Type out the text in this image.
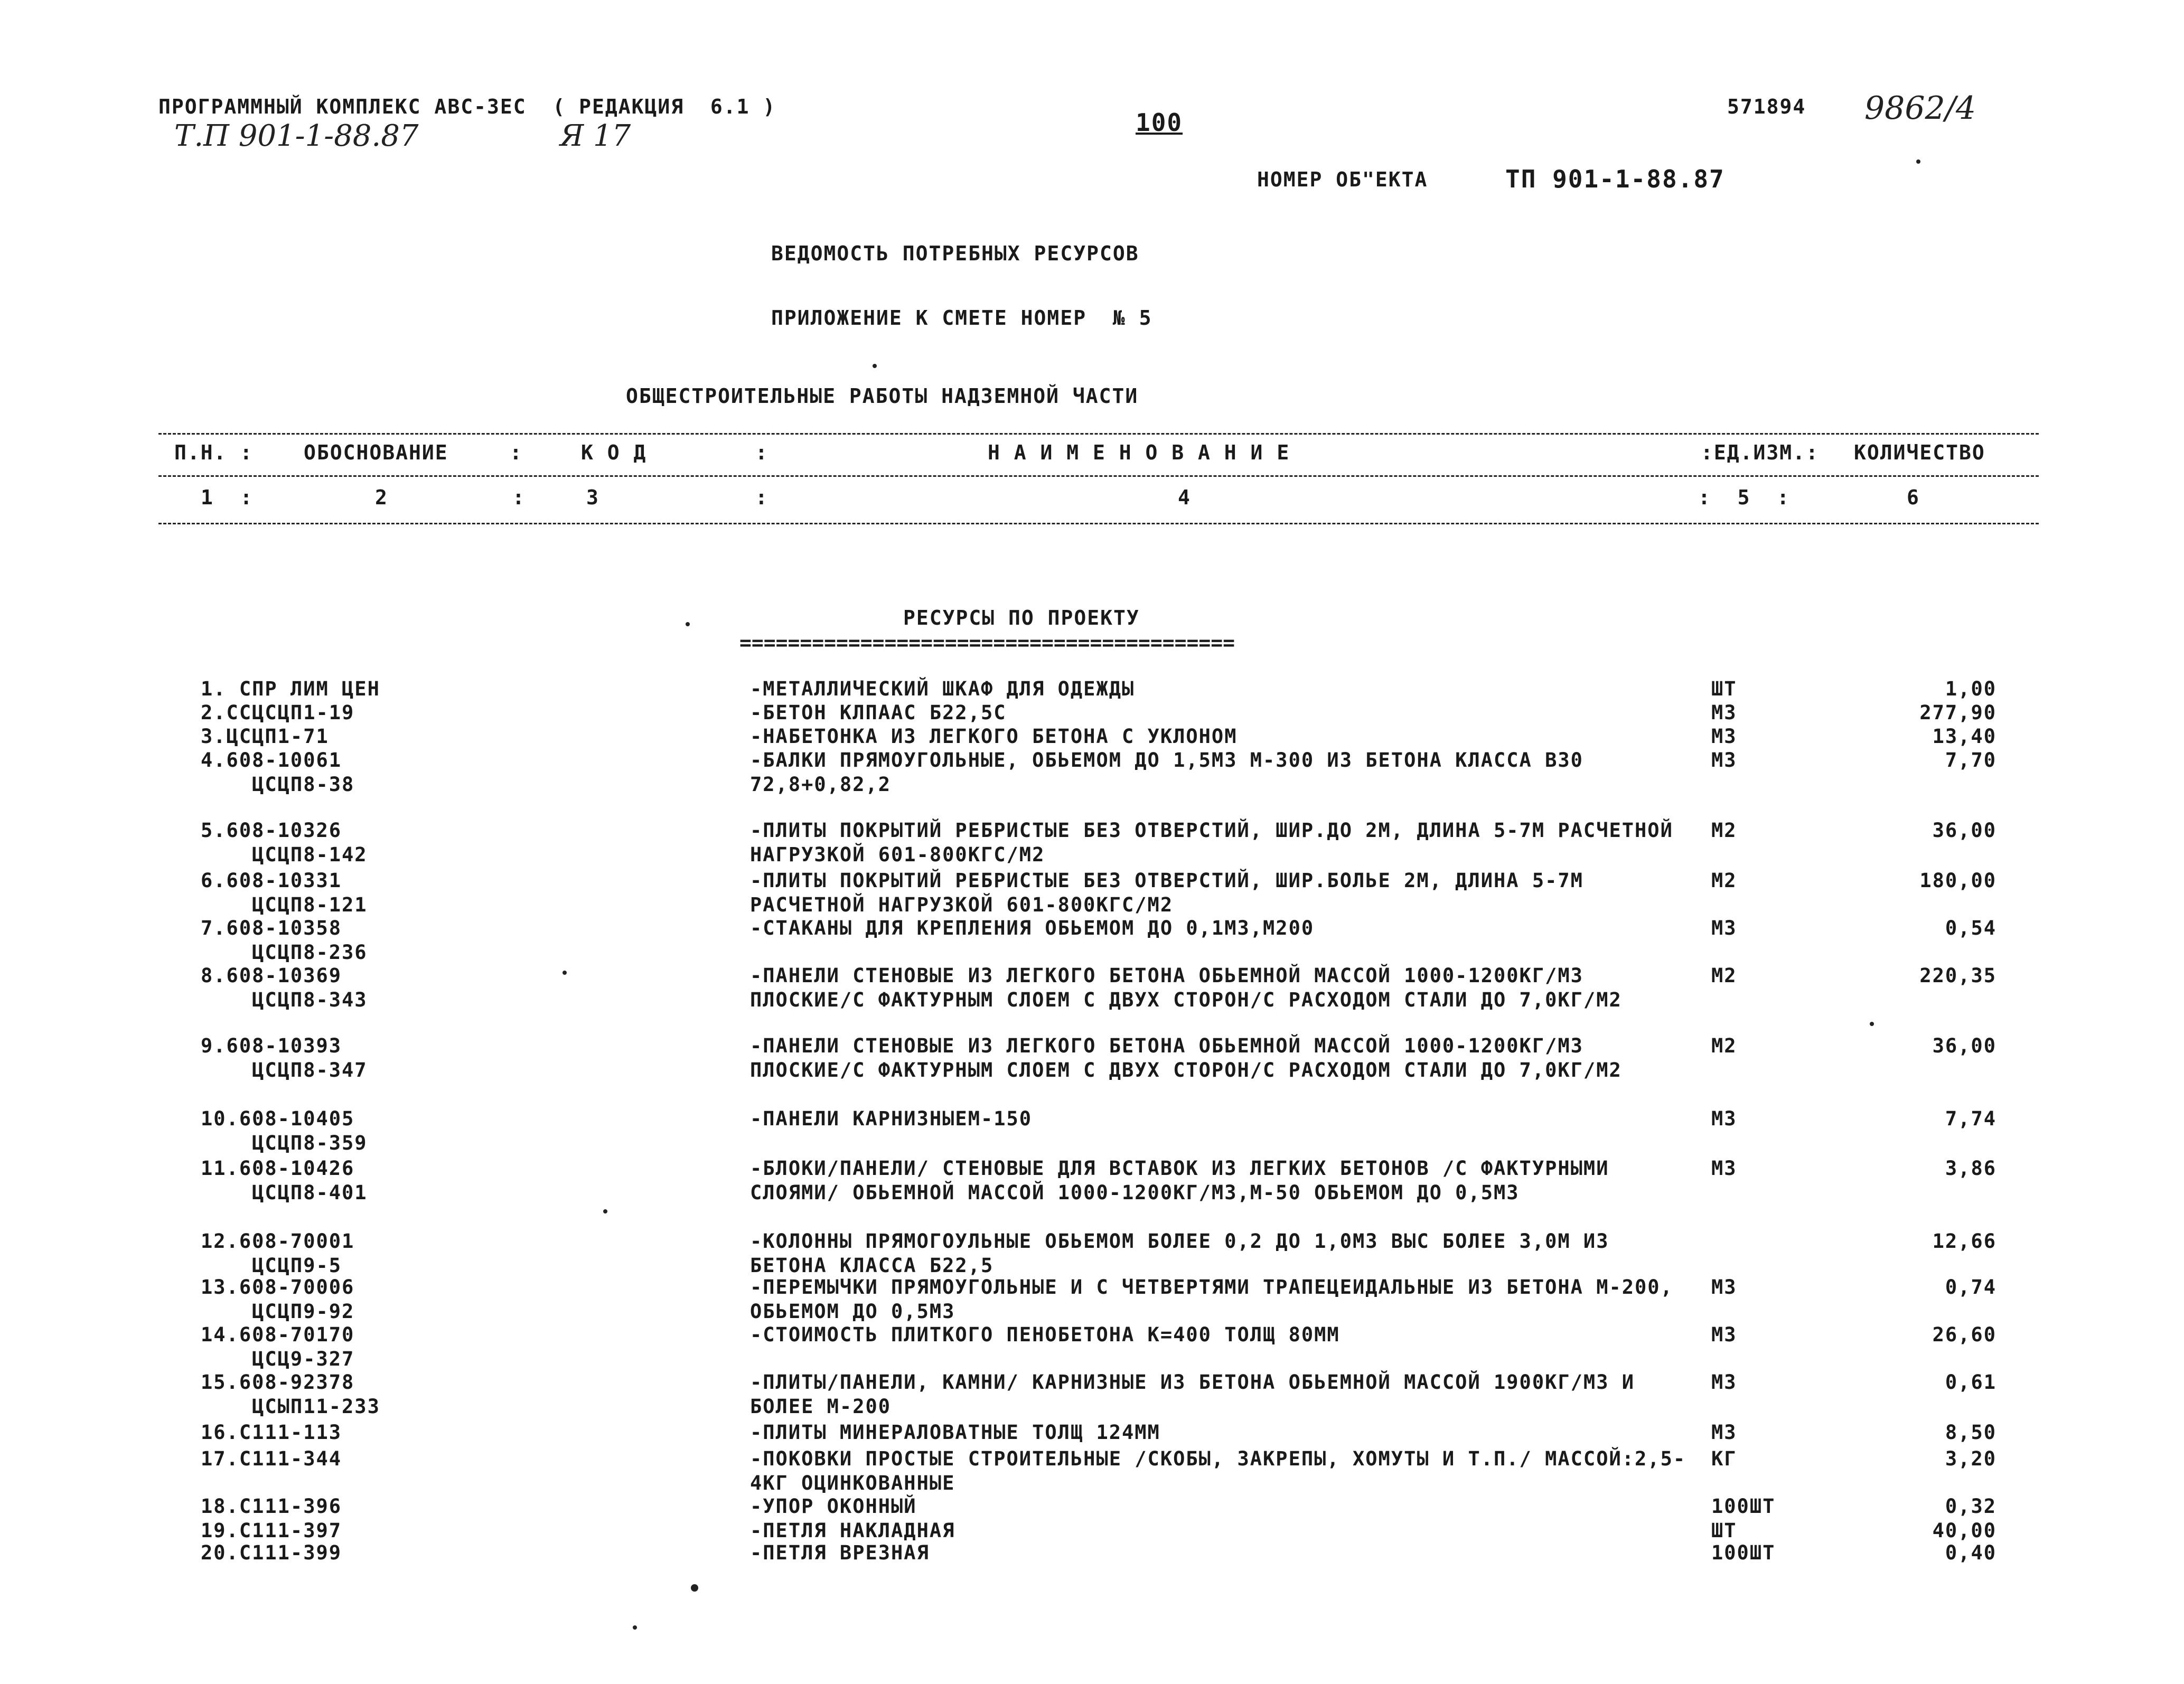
ПРОГРАММНЫЙ КОМПЛЕКС АВС-3ЕС  ( РЕДАКЦИЯ  6.1 )
Т.П 901-1-88.87	Я 17	100
571894 9862/4
НОМЕР ОБ"ЕКТА	ТП 901-1-88.87
ВЕДОМОСТЬ ПОТРЕБНЫХ РЕСУРСОВ
ПРИЛОЖЕНИЕ К СМЕТЕ НОМЕР  № 5
ОБЩЕСТРОИТЕЛЬНЫЕ РАБОТЫ НАДЗЕМНОЙ ЧАСТИ
П.Н. :	ОБОСНОВАНИЕ	:	К О Д	:	Н А И М Е Н О В А Н И Е	:ЕД.ИЗМ.: КОЛИЧЕСТВО
1  :	2	:	3	:	4	:  5  :	6
РЕСУРСЫ ПО ПРОЕКТУ
=========================================
1. СПР ЛИМ ЦЕН	-МЕТАЛЛИЧЕСКИЙ ШКАФ ДЛЯ ОДЕЖДЫ	ШТ	1,00
2.ССЦСЦП1-19	-БЕТОН КЛПААС Б22,5С	М3	277,90
3.ЦСЦП1-71	-НАБЕТОНКА ИЗ ЛЕГКОГО БЕТОНА С УКЛОНОМ	М3	13,40
4.608-10061
ЦСЦП8-38
-БАЛКИ ПРЯМОУГОЛЬНЫЕ, ОБЬЕМОМ ДО 1,5М3 М-300 ИЗ БЕТОНА КЛАССА В30 72,8+0,82,2
М3	7,70
5.608-10326
ЦСЦП8-142
-ПЛИТЫ ПОКРЫТИЙ РЕБРИСТЫЕ БЕЗ ОТВЕРСТИЙ, ШИР.ДО 2М, ДЛИНА 5-7М РАСЧЕТНОЙ НАГРУЗКОЙ 601-800КГС/М2
М2	36,00
6.608-10331
ЦСЦП8-121
-ПЛИТЫ ПОКРЫТИЙ РЕБРИСТЫЕ БЕЗ ОТВЕРСТИЙ, ШИР.БОЛЬЕ 2М, ДЛИНА 5-7М РАСЧЕТНОЙ НАГРУЗКОЙ 601-800КГС/М2
М2	180,00
7.608-10358
ЦСЦП8-236
-СТАКАНЫ ДЛЯ КРЕПЛЕНИЯ ОБЬЕМОМ ДО 0,1М3,М200	М3	0,54
8.608-10369
ЦСЦП8-343
-ПАНЕЛИ СТЕНОВЫЕ ИЗ ЛЕГКОГО БЕТОНА ОБЬЕМНОЙ МАССОЙ 1000-1200КГ/М3 ПЛОСКИЕ/С ФАКТУРНЫМ СЛОЕМ С ДВУХ СТОРОН/С РАСХОДОМ СТАЛИ ДО 7,0КГ/М2
М2	220,35
9.608-10393
ЦСЦП8-347
-ПАНЕЛИ СТЕНОВЫЕ ИЗ ЛЕГКОГО БЕТОНА ОБЬЕМНОЙ МАССОЙ 1000-1200КГ/М3 ПЛОСКИЕ/С ФАКТУРНЫМ СЛОЕМ С ДВУХ СТОРОН/С РАСХОДОМ СТАЛИ ДО 7,0КГ/М2
М2	36,00
10.608-10405
ЦСЦП8-359
-ПАНЕЛИ КАРНИЗНЫЕМ-150	М3	7,74
11.608-10426
ЦСЦП8-401
-БЛОКИ/ПАНЕЛИ/ СТЕНОВЫЕ ДЛЯ ВСТАВОК ИЗ ЛЕГКИХ БЕТОНОВ /С ФАКТУРНЫМИ СЛОЯМИ/ ОБЬЕМНОЙ МАССОЙ 1000-1200КГ/М3,М-50 ОБЬЕМОМ ДО 0,5М3
М3	3,86
12.608-70001
ЦСЦП9-5
-КОЛОННЫ ПРЯМОГОУЛЬНЫЕ ОБЬЕМОМ БОЛЕЕ 0,2 ДО 1,0М3 ВЫС БОЛЕЕ 3,0М ИЗ БЕТОНА КЛАССА Б22,5
12,66
13.608-70006
ЦСЦП9-92
-ПЕРЕМЫЧКИ ПРЯМОУГОЛЬНЫЕ И С ЧЕТВЕРТЯМИ ТРАПЕЦЕИДАЛЬНЫЕ ИЗ БЕТОНА М-200, ОБЬЕМОМ ДО 0,5М3
М3	0,74
14.608-70170
ЦСЦ9-327
-СТОИМОСТЬ ПЛИТКОГО ПЕНОБЕТОНА К=400 ТОЛЩ 80ММ	М3	26,60
15.608-92378
ЦСЫП11-233
-ПЛИТЫ/ПАНЕЛИ, КАМНИ/ КАРНИЗНЫЕ ИЗ БЕТОНА ОБЬЕМНОЙ МАССОЙ 1900КГ/М3 И БОЛЕЕ М-200
М3	0,61
16.С111-113	-ПЛИТЫ МИНЕРАЛОВАТНЫЕ ТОЛЩ 124ММ	М3	8,50
17.С111-344	-ПОКОВКИ ПРОСТЫЕ СТРОИТЕЛЬНЫЕ /СКОБЫ, ЗАКРЕПЫ, ХОМУТЫ И Т.П./ МАССОЙ:2,5-4КГ ОЦИНКОВАННЫЕ
КГ	3,20
18.С111-396	-УПОР ОКОННЫЙ	100ШТ	0,32
19.С111-397	-ПЕТЛЯ НАКЛАДНАЯ	ШТ	40,00
20.С111-399	-ПЕТЛЯ ВРЕЗНАЯ	100ШТ	0,40
